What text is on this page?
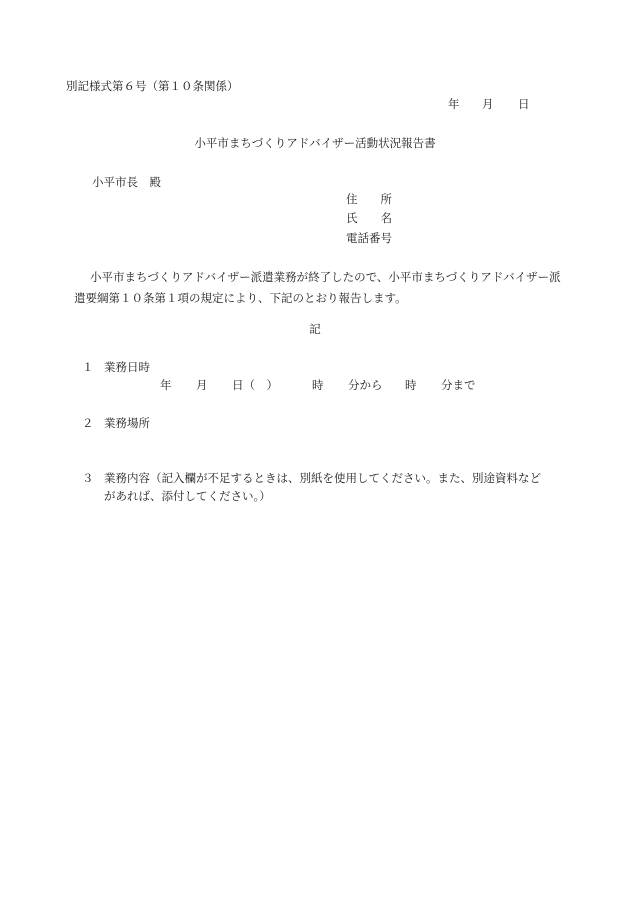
別記様式第６号（第１０条関係）
年 月 日
小平市まちづくりアドバイザー活動状況報告書
小平市長　殿
住　　所
氏　　名
電話番号
小平市まちづくりアドバイザー派遣業務が終了したので、小平市まちづくりアドバイザー派遣要綱第１０条第１項の規定により、下記のとおり報告します。
記
１ 業務日時
年 月 日（　）	時 分から 時 分まで
２ 業務場所
３ 業務内容（記入欄が不足するときは、別紙を使用してください。また、別途資料など
があれば、添付してください。）
